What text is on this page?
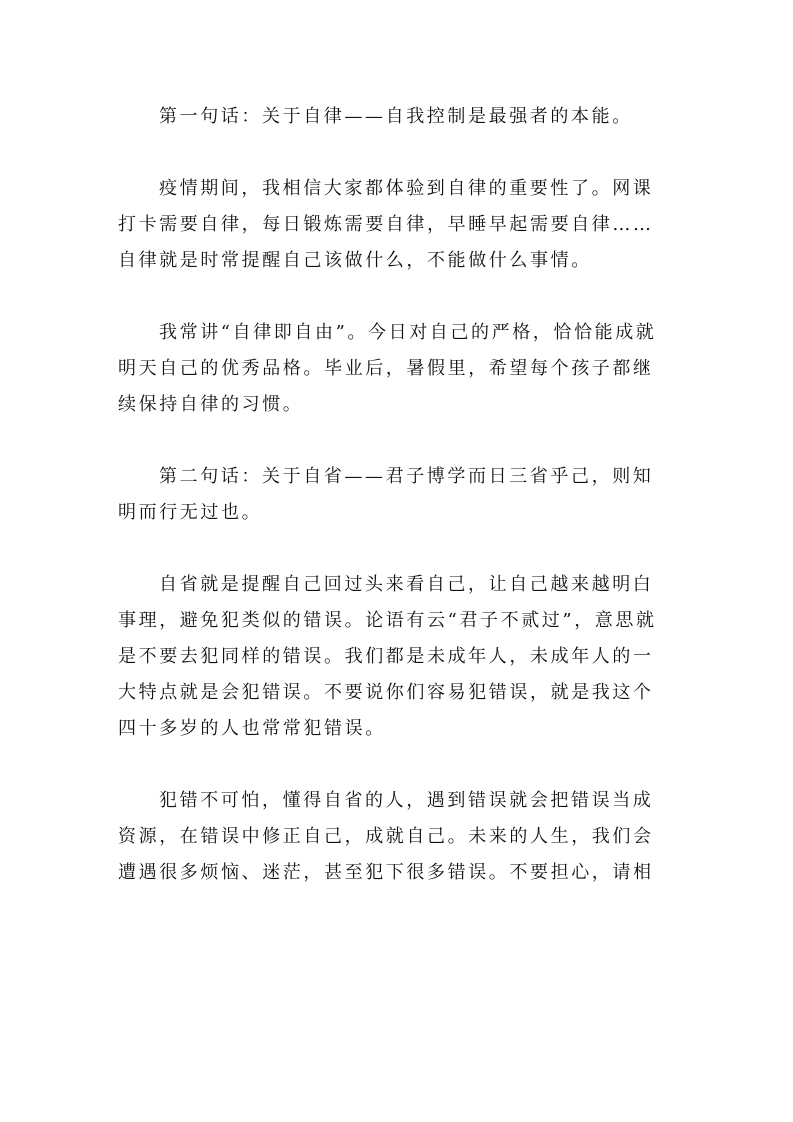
第一句话：关于自律——自我控制是最强者的本能。

疫情期间，我相信大家都体验到自律的重要性了。网课
打卡需要自律，每日锻炼需要自律，早睡早起需要自律……
自律就是时常提醒自己该做什么，不能做什么事情。

我常讲“自律即自由”。今日对自己的严格，恰恰能成就
明天自己的优秀品格。毕业后，暑假里，希望每个孩子都继
续保持自律的习惯。

第二句话：关于自省——君子博学而日三省乎己，则知
明而行无过也。

自省就是提醒自己回过头来看自己，让自己越来越明白
事理，避免犯类似的错误。论语有云“君子不贰过”，意思就
是不要去犯同样的错误。我们都是未成年人，未成年人的一
大特点就是会犯错误。不要说你们容易犯错误，就是我这个
四十多岁的人也常常犯错误。

犯错不可怕，懂得自省的人，遇到错误就会把错误当成
资源，在错误中修正自己，成就自己。未来的人生，我们会
遭遇很多烦恼、迷茫，甚至犯下很多错误。不要担心，请相
